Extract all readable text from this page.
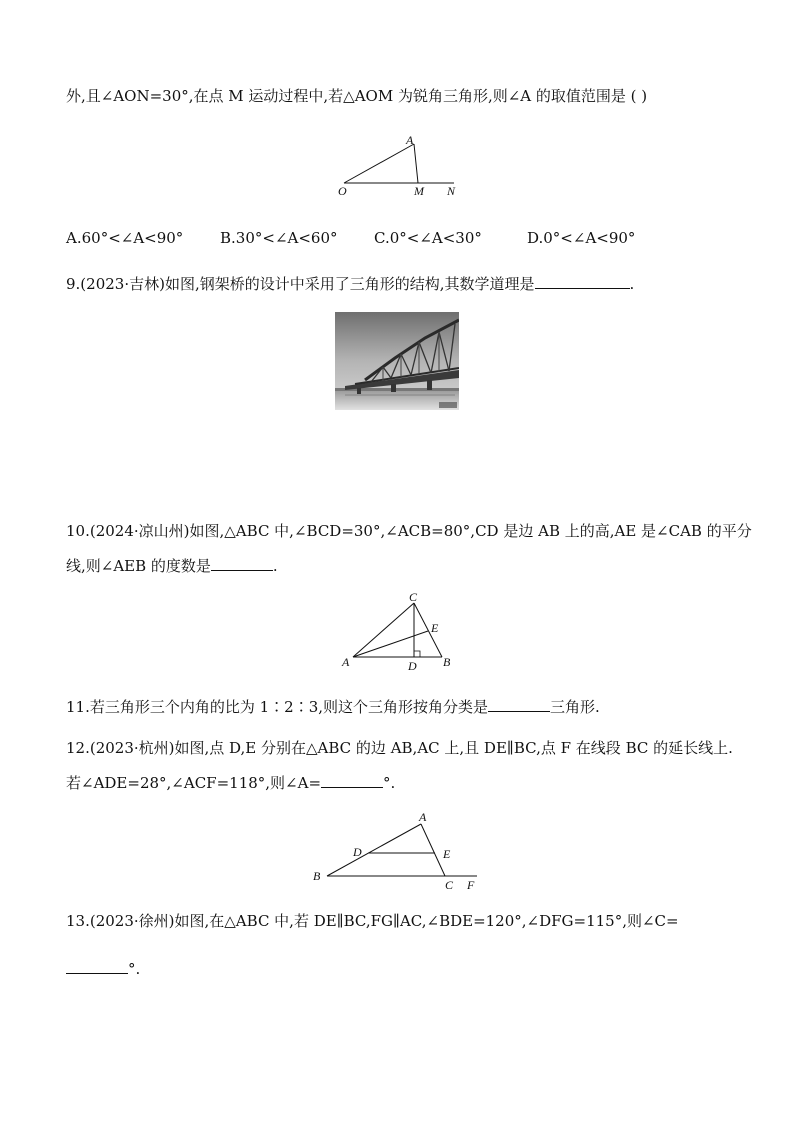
外,且∠AON=30°,在点 M 运动过程中,若△AOM 为锐角三角形,则∠A 的取值范围是 ( )
A
O	M N
A.60°<∠A<90° B.30°<∠A<60° C.0°<∠A<30°	D.0°<∠A<90°
9.(2023·吉林)如图,钢架桥的设计中采用了三角形的结构,其数学道理是	.
10.(2024·凉山州)如图,△ABC 中,∠BCD=30°,∠ACB=80°,CD 是边 AB 上的高,AE 是∠CAB 的平分
线,则∠AEB 的度数是	.
C
E
A	D B
11.若三角形三个内角的比为 1∶2∶3,则这个三角形按角分类是	三角形.
12.(2023·杭州)如图,点 D,E 分别在△ABC 的边 AB,AC 上,且 DE∥BC,点 F 在线段 BC 的延长线上.
若∠ADE=28°,∠ACF=118°,则∠A=	°.
A
D	E
B
C F
13.(2023·徐州)如图,在△ABC 中,若 DE∥BC,FG∥AC,∠BDE=120°,∠DFG=115°,则∠C=
°.
